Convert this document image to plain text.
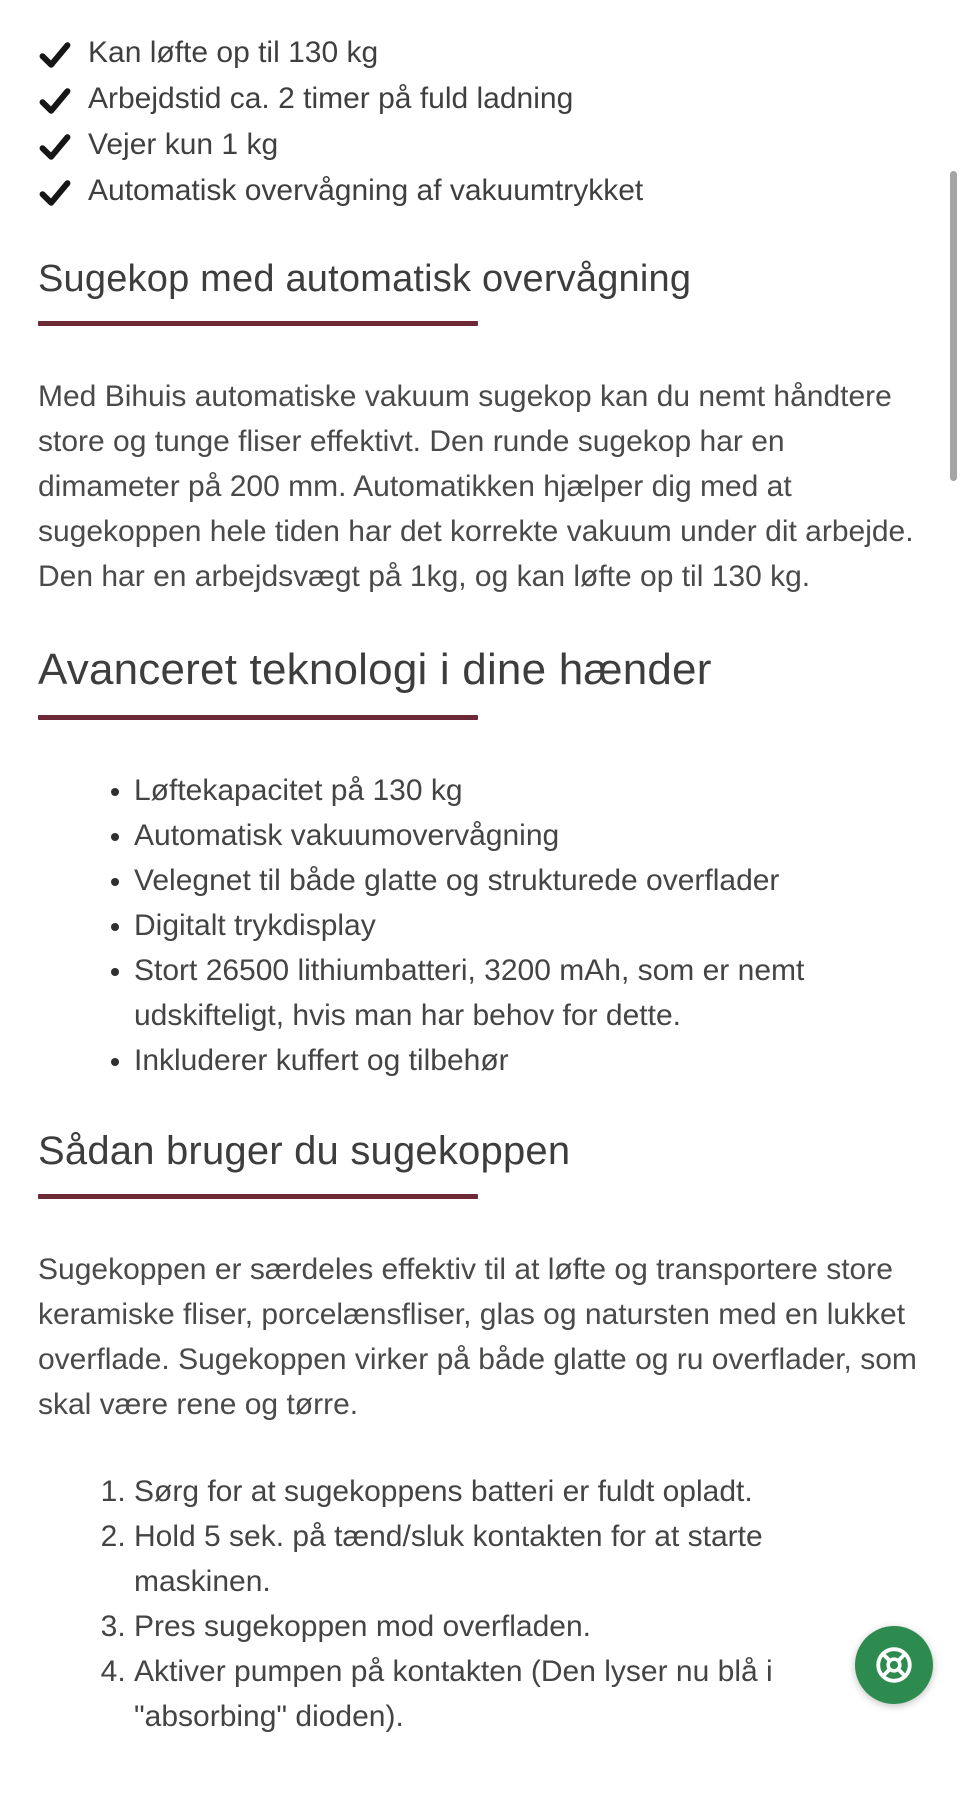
Kan løfte op til 130 kg
Arbejdstid ca. 2 timer på fuld ladning
Vejer kun 1 kg
Automatisk overvågning af vakuumtrykket
Sugekop med automatisk overvågning

Med Bihuis automatiske vakuum sugekop kan du nemt håndtere store og tunge fliser effektivt. Den runde sugekop har en dimameter på 200 mm. Automatikken hjælper dig med at sugekoppen hele tiden har det korrekte vakuum under dit arbejde. Den har en arbejdsvægt på 1kg, og kan løfte op til 130 kg.

Avanceret teknologi i dine hænder
• Løftekapacitet på 130 kg
• Automatisk vakuumovervågning
• Velegnet til både glatte og strukturede overflader
• Digitalt trykdisplay
• Stort 26500 lithiumbatteri, 3200 mAh, som er nemt udskifteligt, hvis man har behov for dette.
• Inkluderer kuffert og tilbehør
Sådan bruger du sugekoppen

Sugekoppen er særdeles effektiv til at løfte og transportere store keramiske fliser, porcelænsfliser, glas og natursten med en lukket overflade. Sugekoppen virker på både glatte og ru overflader, som skal være rene og tørre.

1. Sørg for at sugekoppens batteri er fuldt opladt.
2. Hold 5 sek. på tænd/sluk kontakten for at starte maskinen.
3. Pres sugekoppen mod overfladen.
4. Aktiver pumpen på kontakten (Den lyser nu blå i "absorbing" dioden).
